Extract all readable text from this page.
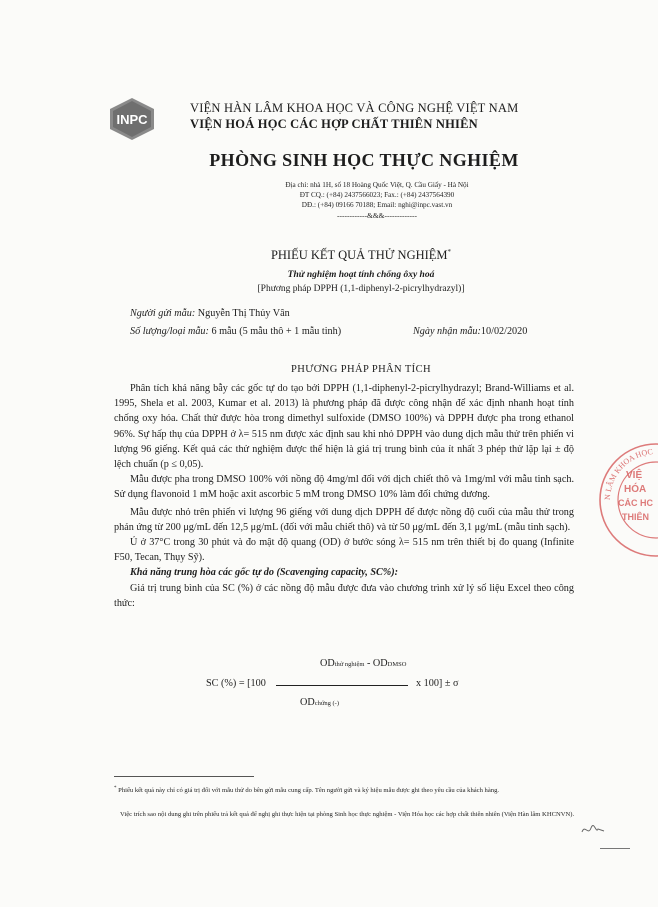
INPC
VIỆN HÀN LÂM KHOA HỌC VÀ CÔNG NGHỆ VIỆT NAM
VIỆN HOÁ HỌC CÁC HỢP CHẤT THIÊN NHIÊN
PHÒNG SINH HỌC THỰC NGHIỆM
Địa chỉ: nhà 1H, số 18 Hoàng Quốc Việt, Q. Cầu Giấy - Hà Nội
ĐT CQ.: (+84) 2437566023; Fax.: (+84) 2437564390
DĐ.: (+84) 09166 70188; Email: nghi@inpc.vast.vn
------------&&&-------------
PHIẾU KẾT QUẢ THỬ NGHIỆM*
Thử nghiệm hoạt tính chống ôxy hoá
[Phương pháp DPPH (1,1-diphenyl-2-picrylhydrazyl)]
Người gửi mẫu: Nguyễn Thị Thủy Vân
Số lượng/loại mẫu: 6 mẫu (5 mẫu thô + 1 mẫu tinh)	Ngày nhận mẫu:10/02/2020
PHƯƠNG PHÁP PHÂN TÍCH

Phân tích khả năng bẫy các gốc tự do tạo bởi DPPH (1,1-diphenyl-2-picrylhydrazyl; Brand-Williams et al. 1995, Shela et al. 2003, Kumar et al. 2013) là phương pháp đã được công nhận để xác định nhanh hoạt tính chống oxy hóa. Chất thử được hòa trong dimethyl sulfoxide (DMSO 100%) và DPPH được pha trong ethanol 96%. Sự hấp thụ của DPPH ở λ= 515 nm được xác định sau khi nhỏ DPPH vào dung dịch mẫu thử trên phiến vi lượng 96 giếng. Kết quả các thử nghiệm được thể hiện là giá trị trung bình của ít nhất 3 phép thử lặp lại ± độ lệch chuẩn (p ≤ 0,05).

Mẫu được pha trong DMSO 100% với nồng độ 4mg/ml đối với dịch chiết thô và 1mg/ml với mẫu tinh sạch. Sử dụng flavonoid 1 mM hoặc axit ascorbic 5 mM trong DMSO 10% làm đối chứng dương.

Mẫu được nhỏ trên phiến vi lượng 96 giếng với dung dịch DPPH để được nồng độ cuối của mẫu thử trong phản ứng từ 200 μg/mL đến 12,5 μg/mL (đối với mẫu chiết thô) và từ 50 μg/mL đến 3,1 μg/mL (mẫu tinh sạch).

Ủ ở 37°C trong 30 phút và đo mật độ quang (OD) ở bước sóng λ= 515 nm trên thiết bị đo quang (Infinite F50, Tecan, Thụy Sỹ).

Khả năng trung hòa các gốc tự do (Scavenging capacity, SC%):

Giá trị trung bình của SC (%) ở các nồng độ mẫu được đưa vào chương trình xử lý số liệu Excel theo công thức:

ODthử nghiệm - ODDMSO
SC (%) = [100	x 100] ± σ
ODchứng (-)
* Phiếu kết quả này chỉ có giá trị đối với mẫu thử do bên gửi mẫu cung cấp. Tên người gửi và ký hiệu mẫu được ghi theo yêu cầu của khách hàng.
Việc trích sao nội dung ghi trên phiếu trả kết quả để nghị ghi thực hiện tại phòng Sinh học thực nghiệm - Viện Hóa học các hợp chất thiên nhiên (Viện Hàn lâm KHCNVN).
N LÂM KHOA HỌC
VIỆ
HÓA
CÁC HC
THIÊN
